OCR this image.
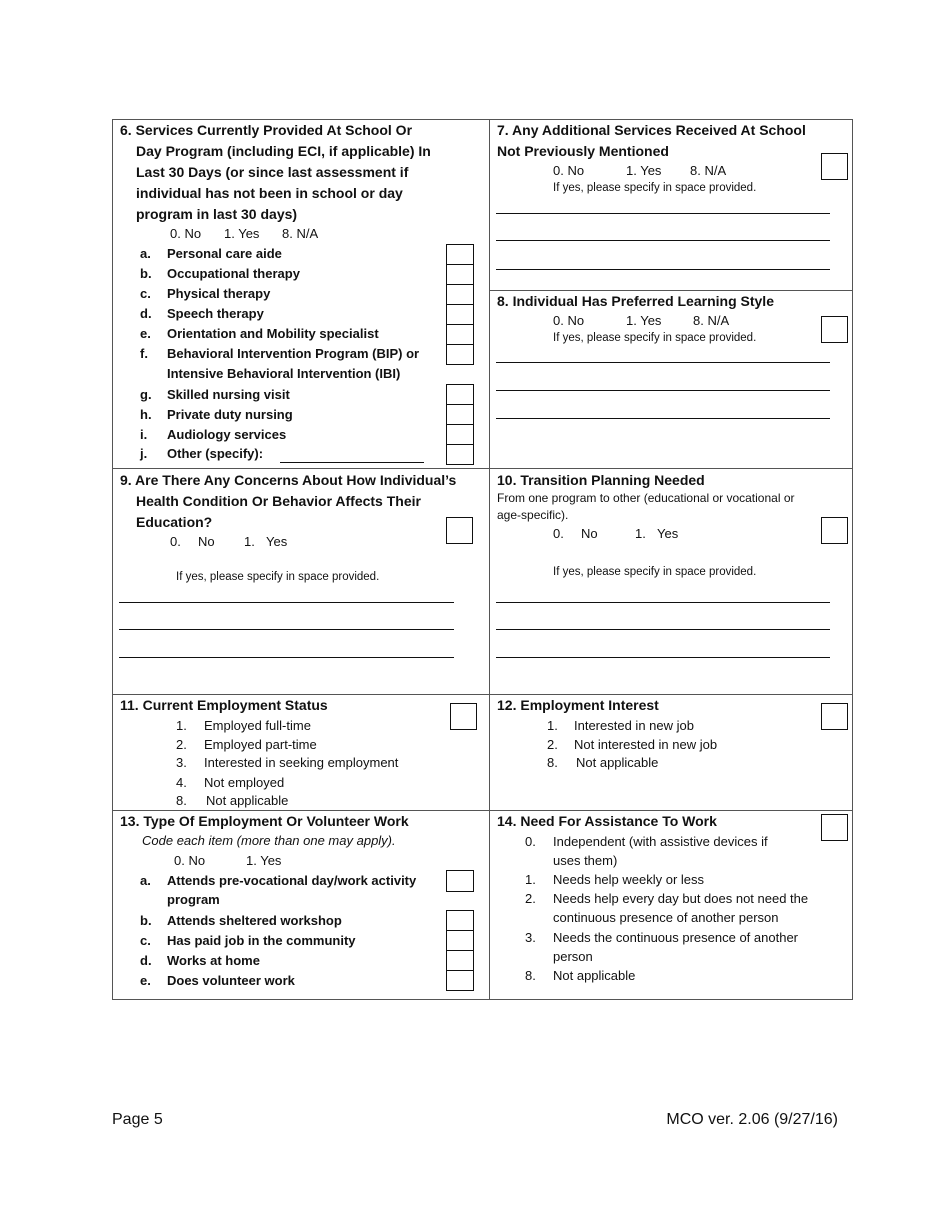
6. Services Currently Provided At School Or
Day Program (including ECI, if applicable) In
Last 30 Days (or since last assessment if
individual has not been in school or day
program in last 30 days)
0. No 1. Yes 8. N/A
a. Personal care aide
b. Occupational therapy
c. Physical therapy
d. Speech therapy
e. Orientation and Mobility specialist
f. Behavioral Intervention Program (BIP) or
Intensive Behavioral Intervention (IBI)
g. Skilled nursing visit
h. Private duty nursing
i. Audiology services
j. Other (specify):
7. Any Additional Services Received At School
Not Previously Mentioned
0. No	1. Yes 8. N/A
If yes, please specify in space provided.
8. Individual Has Preferred Learning Style
0. No	1. Yes 8. N/A
If yes, please specify in space provided.
9. Are There Any Concerns About How Individual’s
Health Condition Or Behavior Affects Their
Education?
0. No 1. Yes
If yes, please specify in space provided.
10. Transition Planning Needed
From one program to other (educational or vocational or
age-specific).
0. No	1. Yes
If yes, please specify in space provided.
11. Current Employment Status
1. Employed full-time
2. Employed part-time
3. Interested in seeking employment
4. Not employed
8. Not applicable
12. Employment Interest
1. Interested in new job
2. Not interested in new job
8. Not applicable
13. Type Of Employment Or Volunteer Work
Code each item (more than one may apply).
0. No	1. Yes
a. Attends pre-vocational day/work activity
program
b. Attends sheltered workshop
c. Has paid job in the community
d. Works at home
e. Does volunteer work
14. Need For Assistance To Work
0. Independent (with assistive devices if
uses them)
1. Needs help weekly or less
2. Needs help every day but does not need the
continuous presence of another person
3. Needs the continuous presence of another
person
8. Not applicable
Page 5	MCO ver. 2.06 (9/27/16)
